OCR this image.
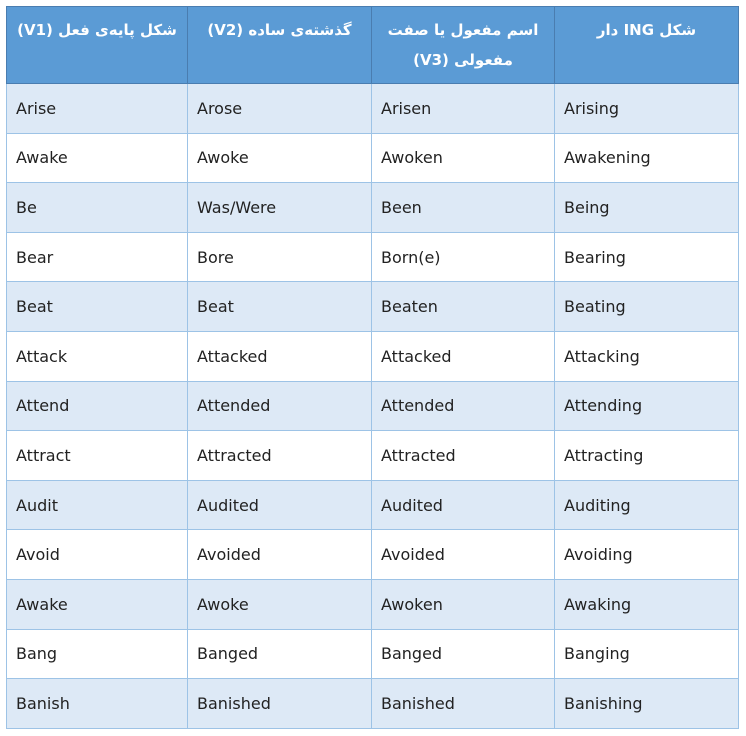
شکل پایه‌ی فعل (V1)	گذشته‌ی ساده (V2)	اسم مفعول یا صفت مفعولی (V3)	شکل ING دار
Arise	Arose	Arisen	Arising
Awake	Awoke	Awoken	Awakening
Be	Was/Were	Been	Being
Bear	Bore	Born(e)	Bearing
Beat	Beat	Beaten	Beating
Attack	Attacked	Attacked	Attacking
Attend	Attended	Attended	Attending
Attract	Attracted	Attracted	Attracting
Audit	Audited	Audited	Auditing
Avoid	Avoided	Avoided	Avoiding
Awake	Awoke	Awoken	Awaking
Bang	Banged	Banged	Banging
Banish	Banished	Banished	Banishing
